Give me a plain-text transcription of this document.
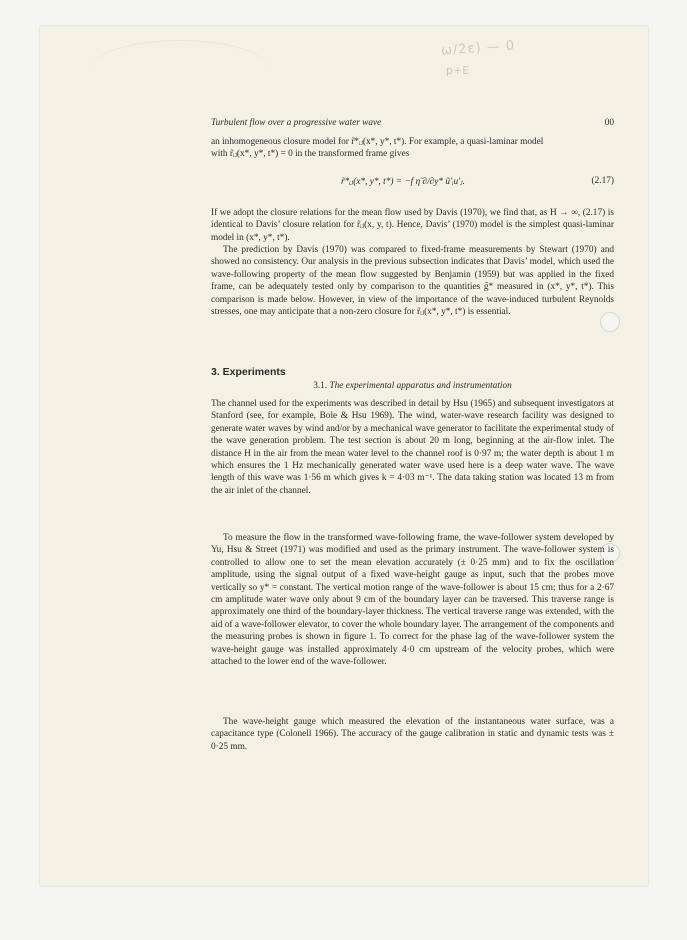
ω/2ε) — 0
p+E
Turbulent flow over a progressive water wave	00

an inhomogeneous closure model for r̃*ᵢⱼ(x*, y*, t*). For example, a quasi-laminar model

with r̃ᵢⱼ(x*, y*, t*) = 0 in the transformed frame gives

r̃*ᵢⱼ(x*, y*, t*) = −f η̃ ∂/∂y* ũ′ᵢu′ⱼ.	(2.17)

If we adopt the closure relations for the mean flow used by Davis (1970), we find that, as H → ∞, (2.17) is identical to Davis’ closure relation for r̃ᵢⱼ(x, y, t). Hence, Davis’ (1970) model is the simplest quasi-laminar model in (x*, y*, t*).

The prediction by Davis (1970) was compared to fixed-frame measurements by Stewart (1970) and showed no consistency. Our analysis in the previous subsection indicates that Davis’ model, which used the wave-following property of the mean flow suggested by Benjamin (1959) but was applied in the fixed frame, can be adequately tested only by comparison to the quantities g̃* measured in (x*, y*, t*). This comparison is made below. However, in view of the importance of the wave-induced turbulent Reynolds stresses, one may anticipate that a non-zero closure for r̃ᵢⱼ(x*, y*, t*) is essential.

3. Experiments
3.1. The experimental apparatus and instrumentation

The channel used for the experiments was described in detail by Hsu (1965) and subsequent investigators at Stanford (see, for example, Bole & Hsu 1969). The wind, water-wave research facility was designed to generate water waves by wind and/or by a mechanical wave generator to facilitate the experimental study of the wave generation problem. The test section is about 20 m long, beginning at the air-flow inlet. The distance H in the air from the mean water level to the channel roof is 0·97 m; the water depth is about 1 m which ensures the 1 Hz mechanically generated water wave used here is a deep water wave. The wave length of this wave was 1·56 m which gives k = 4·03 m⁻¹. The data taking station was located 13 m from the air inlet of the channel.

To measure the flow in the transformed wave-following frame, the wave-follower system developed by Yu, Hsu & Street (1971) was modified and used as the primary instrument. The wave-follower system is controlled to allow one to set the mean elevation accurately (± 0·25 mm) and to fix the oscillation amplitude, using the signal output of a fixed wave-height gauge as input, such that the probes move vertically so y* = constant. The vertical motion range of the wave-follower is about 15 cm; thus for a 2·67 cm amplitude water wave only about 9 cm of the boundary layer can be traversed. This traverse range is approximately one third of the boundary-layer thickness. The vertical traverse range was extended, with the aid of a wave-follower elevator, to cover the whole boundary layer. The arrangement of the components and the measuring probes is shown in figure 1. To correct for the phase lag of the wave-follower system the wave-height gauge was installed approximately 4·0 cm upstream of the velocity probes, which were attached to the lower end of the wave-follower.

The wave-height gauge which measured the elevation of the instantaneous water surface, was a capacitance type (Colonell 1966). The accuracy of the gauge calibration in static and dynamic tests was ± 0·25 mm.
